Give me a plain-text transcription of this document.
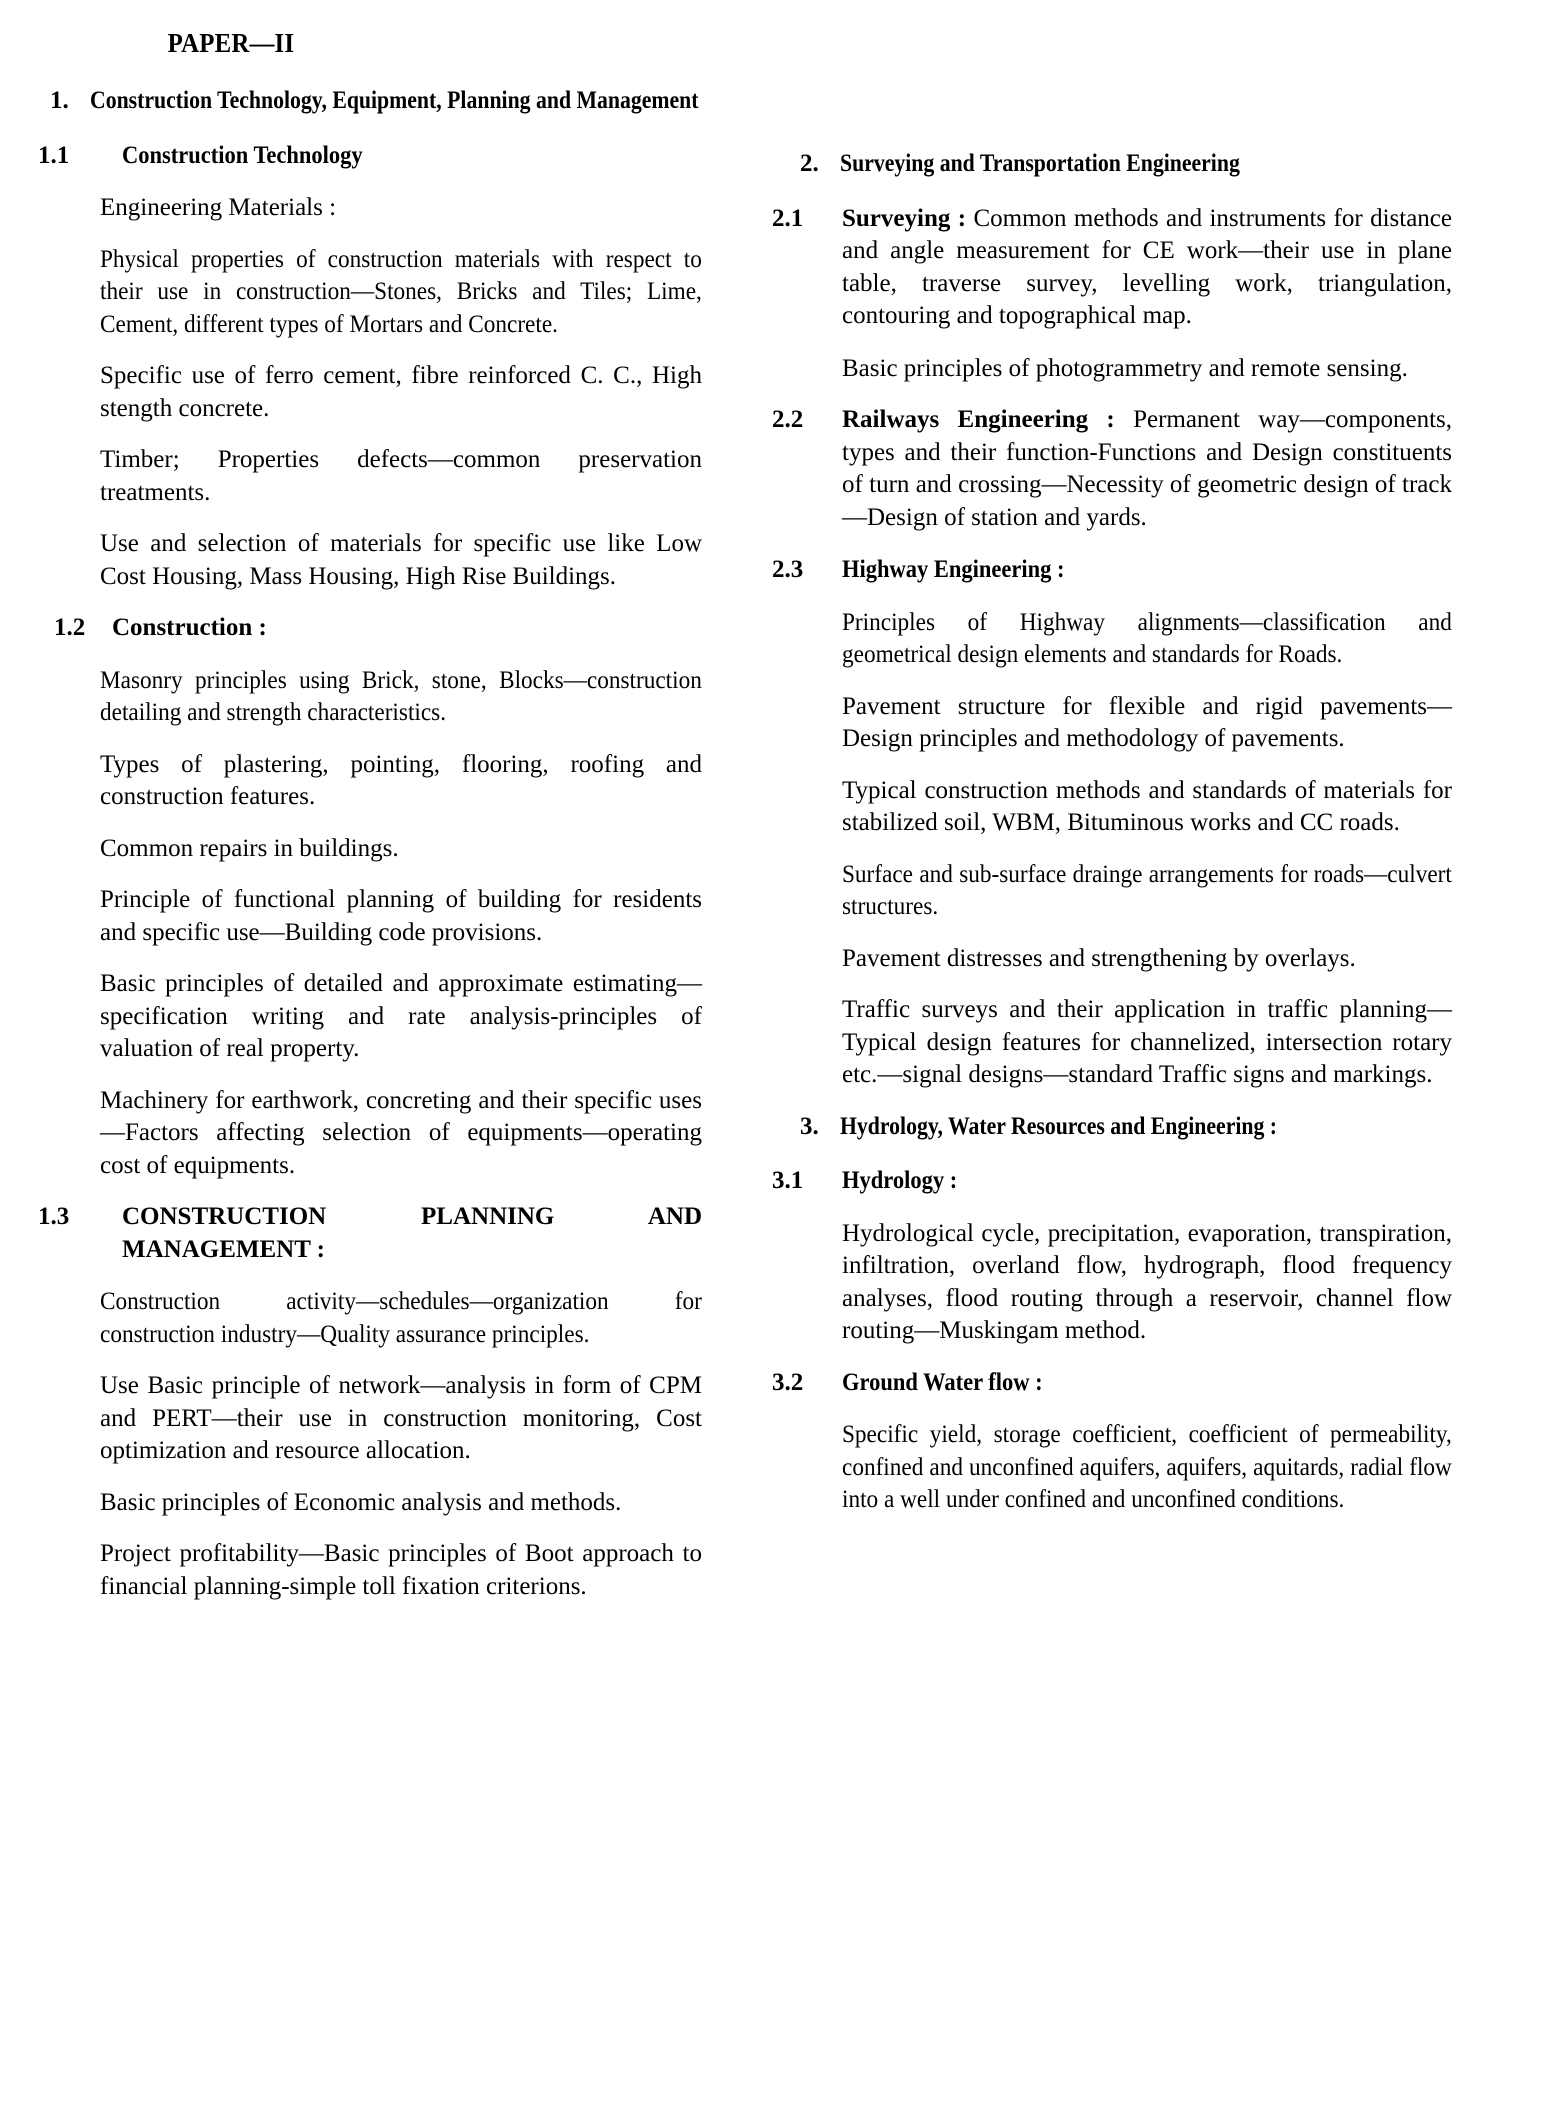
PAPER—II
1. Construction Technology, Equipment, Planning and Management
1.1	Construction Technology

Engineering Materials :

Physical properties of construction materials with respect to their use in construction—Stones, Bricks and Tiles; Lime, Cement, different types of Mortars and Concrete.

Specific use of ferro cement, fibre reinforced C. C., High stength concrete.

Timber; Properties defects—common preservation treatments.

Use and selection of materials for specific use like Low Cost Housing, Mass Housing, High Rise Buildings.

1.2	Construction :

Masonry principles using Brick, stone, Blocks—construction detailing and strength characteristics.

Types of plastering, pointing, flooring, roofing and construction features.

Common repairs in buildings.

Principle of functional planning of building for residents and specific use—Building code provisions.

Basic principles of detailed and approximate estimating—specification writing and rate analysis-principles of valuation of real property.

Machinery for earthwork, concreting and their specific uses—Factors affecting selection of equipments—operating cost of equipments.

1.3	CONSTRUCTION PLANNING AND MANAGEMENT :

Construction activity—schedules—organization for construction industry—Quality assurance principles.

Use Basic principle of network—analysis in form of CPM and PERT—their use in construction monitoring, Cost optimization and resource allocation.

Basic principles of Economic analysis and methods.

Project profitability—Basic principles of Boot approach to financial planning-simple toll fixation criterions.

2. Surveying and Transportation Engineering
2.1	Surveying : Common methods and instruments for distance and angle measurement for CE work—their use in plane table, traverse survey, levelling work, triangulation, contouring and topographical map.

Basic principles of photogrammetry and remote sensing.

2.2	Railways Engineering : Permanent way—components, types and their function-Functions and Design constituents of turn and crossing—Necessity of geometric design of track—Design of station and yards.
2.3	Highway Engineering :

Principles of Highway alignments—classification and geometrical design elements and standards for Roads.

Pavement structure for flexible and rigid pavements—Design principles and methodology of pavements.

Typical construction methods and standards of materials for stabilized soil, WBM, Bituminous works and CC roads.

Surface and sub-surface drainge arrangements for roads—culvert structures.

Pavement distresses and strengthening by overlays.

Traffic surveys and their application in traffic planning—Typical design features for channelized, intersection rotary etc.—signal designs—standard Traffic signs and markings.

3. Hydrology, Water Resources and Engineering :
3.1	Hydrology :

Hydrological cycle, precipitation, evaporation, transpiration, infiltration, overland flow, hydrograph, flood frequency analyses, flood routing through a reservoir, channel flow routing—Muskingam method.

3.2	Ground Water flow :

Specific yield, storage coefficient, coefficient of permeability, confined and unconfined aquifers, aquifers, aquitards, radial flow into a well under confined and unconfined conditions.
